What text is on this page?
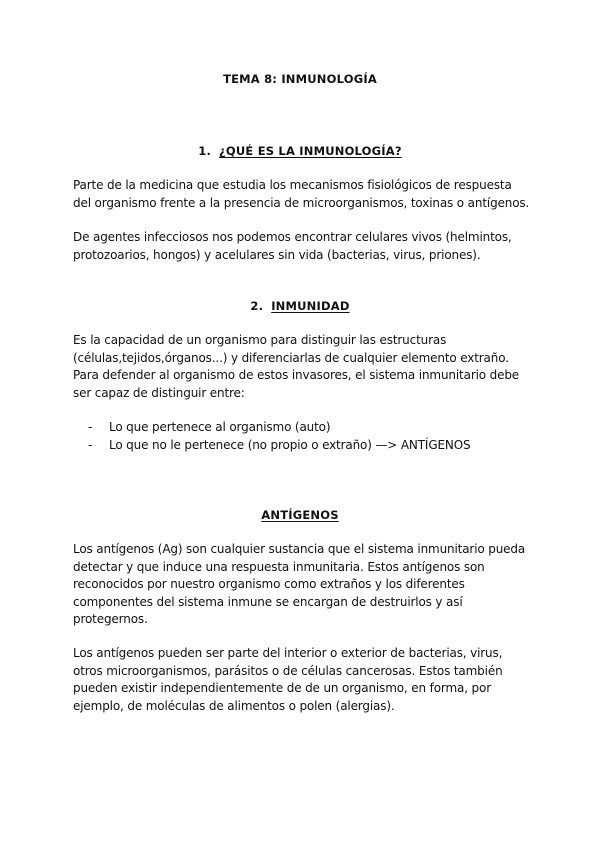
TEMA 8: INMUNOLOGÍA
1. ¿QUÉ ES LA INMUNOLOGÍA?

Parte de la medicina que estudia los mecanismos fisiológicos de respuesta
del organismo frente a la presencia de microorganismos, toxinas o antígenos.

De agentes infecciosos nos podemos encontrar celulares vivos (helmintos,
protozoarios, hongos) y acelulares sin vida (bacterias, virus, priones).

2. INMUNIDAD

Es la capacidad de un organismo para distinguir las estructuras
(células,tejidos,órganos...) y diferenciarlas de cualquier elemento extraño.
Para defender al organismo de estos invasores, el sistema inmunitario debe
ser capaz de distinguir entre:

- Lo que pertenece al organismo (auto)
- Lo que no le pertenece (no propio o extraño) —> ANTÍGENOS
ANTÍGENOS

Los antígenos (Ag) son cualquier sustancia que el sistema inmunitario pueda
detectar y que induce una respuesta inmunitaria. Estos antígenos son
reconocidos por nuestro organismo como extraños y los diferentes
componentes del sistema inmune se encargan de destruirlos y así
protegernos.

Los antígenos pueden ser parte del interior o exterior de bacterias, virus,
otros microorganismos, parásitos o de células cancerosas. Estos también
pueden existir independientemente de de un organismo, en forma, por
ejemplo, de moléculas de alimentos o polen (alergias).
